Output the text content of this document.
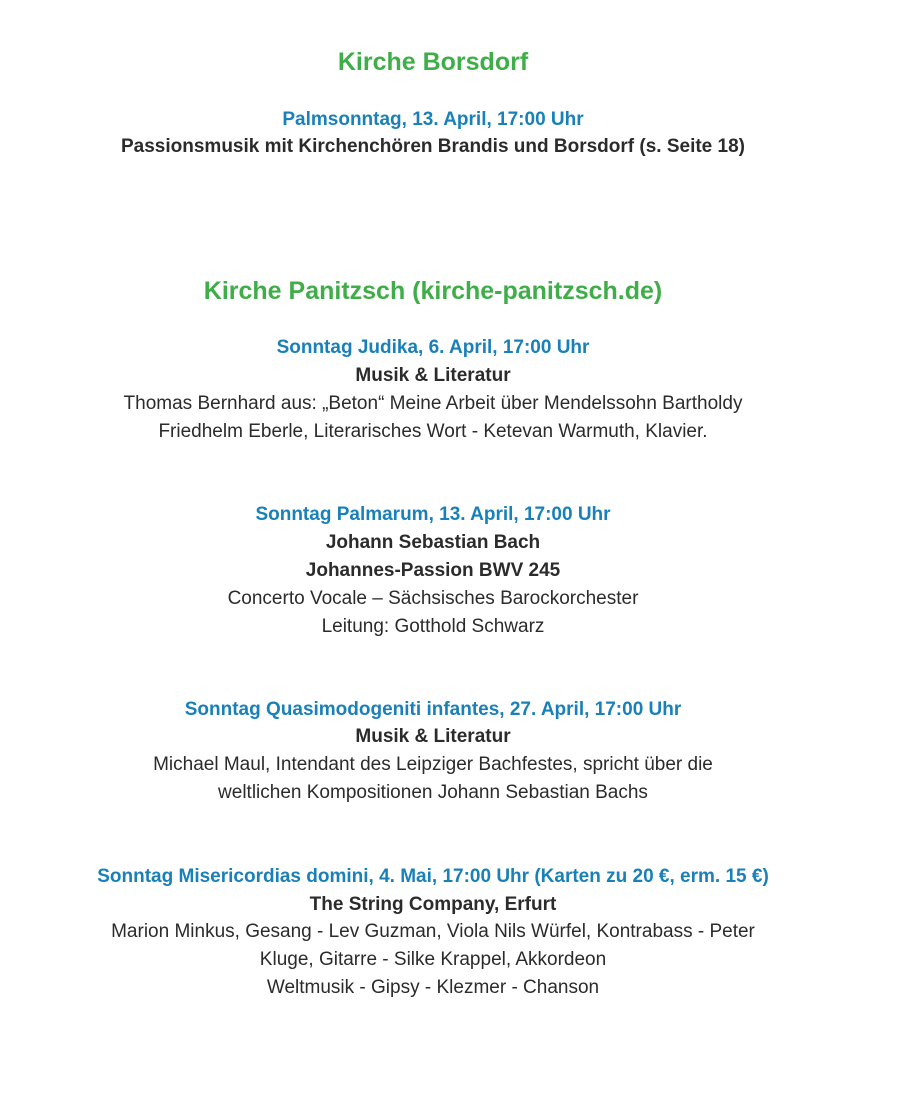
Kirche Borsdorf
Palmsonntag, 13. April, 17:00 Uhr
Passionsmusik mit Kirchenchören Brandis und Borsdorf (s. Seite 18)
Kirche Panitzsch (kirche-panitzsch.de)
Sonntag Judika, 6. April, 17:00 Uhr
Musik & Literatur
Thomas Bernhard aus: „Beton“ Meine Arbeit über Mendelssohn Bartholdy
Friedhelm Eberle, Literarisches Wort - Ketevan Warmuth, Klavier.
Sonntag Palmarum, 13. April, 17:00 Uhr
Johann Sebastian Bach
Johannes-Passion BWV 245
Concerto Vocale – Sächsisches Barockorchester
Leitung: Gotthold Schwarz
Sonntag Quasimodogeniti infantes, 27. April, 17:00 Uhr
Musik & Literatur
Michael Maul, Intendant des Leipziger Bachfestes, spricht über die
weltlichen Kompositionen Johann Sebastian Bachs
Sonntag Misericordias domini, 4. Mai, 17:00 Uhr (Karten zu 20 €, erm. 15 €)
The String Company, Erfurt
Marion Minkus, Gesang - Lev Guzman, Viola Nils Würfel, Kontrabass - Peter
Kluge, Gitarre - Silke Krappel, Akkordeon
Weltmusik - Gipsy - Klezmer - Chanson
